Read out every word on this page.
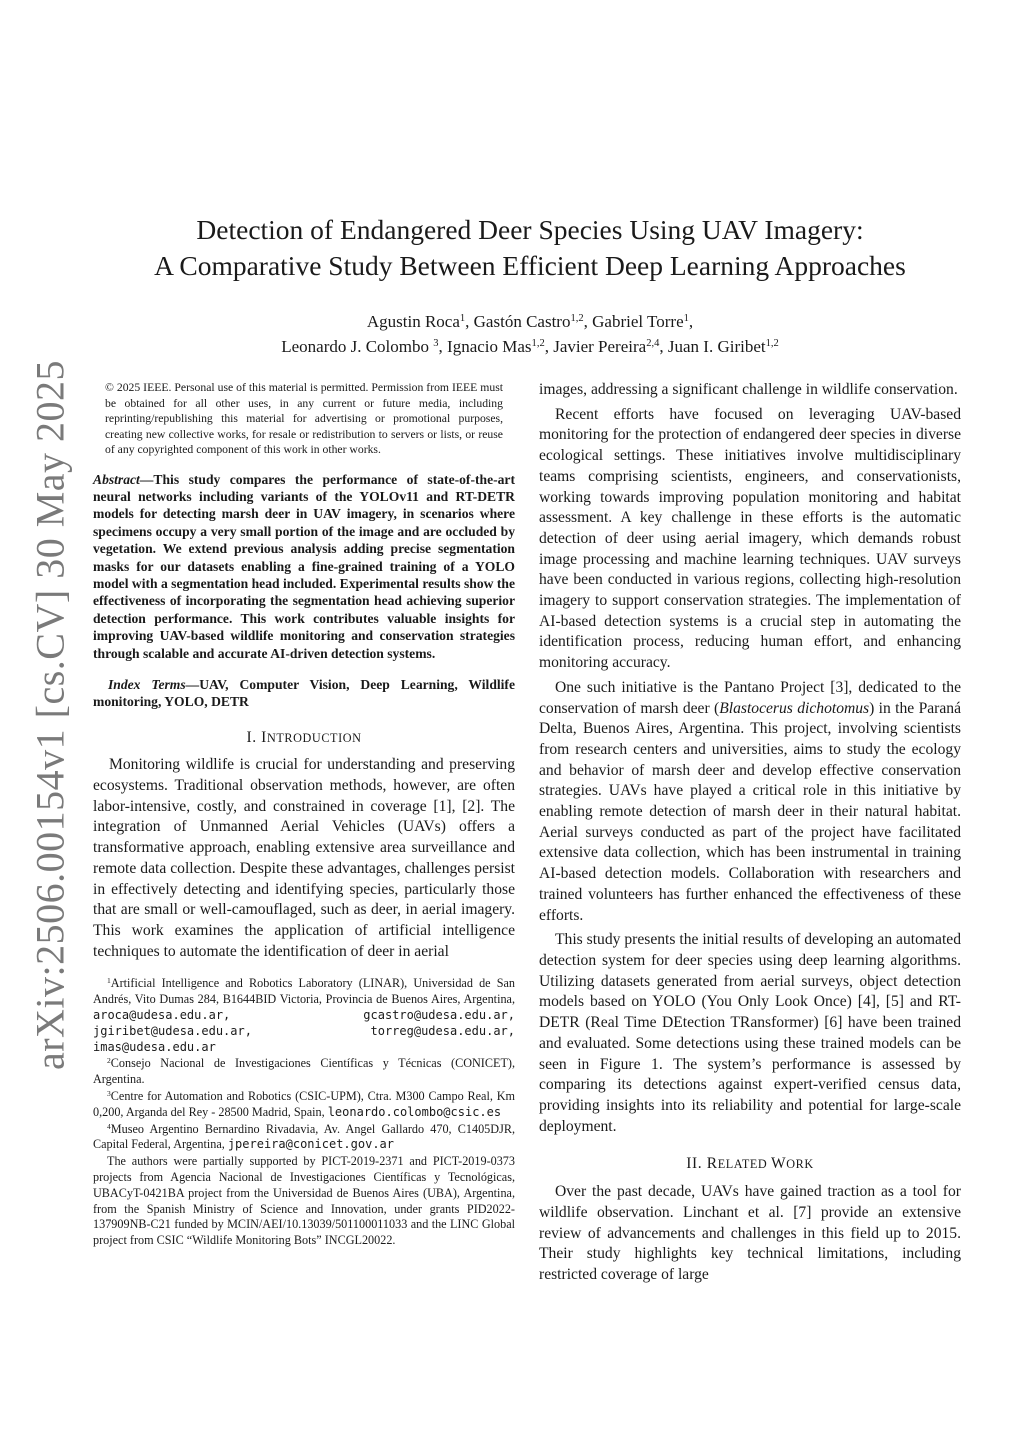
arXiv:2506.00154v1 [cs.CV] 30 May 2025
Detection of Endangered Deer Species Using UAV Imagery:
A Comparative Study Between Efficient Deep Learning Approaches
Agustin Roca$^1$, Gastón Castro$^{1,2}$, Gabriel Torre$^1$,
Leonardo J. Colombo $^3$, Ignacio Mas$^{1,2}$, Javier Pereira$^{2,4}$, Juan I. Giribet$^{1,2}$

© 2025 IEEE. Personal use of this material is permitted. Permission from IEEE must be obtained for all other uses, in any current or future media, including reprinting/republishing this material for advertising or promotional purposes, creating new collective works, for resale or redistribution to servers or lists, or reuse of any copyrighted component of this work in other works.

Abstract—This study compares the performance of state-of-the-art neural networks including variants of the YOLOv11 and RT-DETR models for detecting marsh deer in UAV imagery, in scenarios where specimens occupy a very small portion of the image and are occluded by vegetation. We extend previous analysis adding precise segmentation masks for our datasets enabling a fine-grained training of a YOLO model with a segmentation head included. Experimental results show the effectiveness of incorporating the segmentation head achieving superior detection performance. This work contributes valuable insights for improving UAV-based wildlife monitoring and conservation strategies through scalable and accurate AI-driven detection systems.

Index Terms—UAV, Computer Vision, Deep Learning, Wildlife monitoring, YOLO, DETR

I. INTRODUCTION

Monitoring wildlife is crucial for understanding and preserving ecosystems. Traditional observation methods, however, are often labor-intensive, costly, and constrained in coverage [1], [2]. The integration of Unmanned Aerial Vehicles (UAVs) offers a transformative approach, enabling extensive area surveillance and remote data collection. Despite these advantages, challenges persist in effectively detecting and identifying species, particularly those that are small or well-camouflaged, such as deer, in aerial imagery. This work examines the application of artificial intelligence techniques to automate the identification of deer in aerial

$^1$Artificial Intelligence and Robotics Laboratory (LINAR), Universidad de San Andrés, Vito Dumas 284, B1644BID Victoria, Provincia de Buenos Aires, Argentina, aroca@udesa.edu.ar, gcastro@udesa.edu.ar, jgiribet@udesa.edu.ar, torreg@udesa.edu.ar, imas@udesa.edu.ar

$^2$Consejo Nacional de Investigaciones Científicas y Técnicas (CONICET), Argentina.

$^3$Centre for Automation and Robotics (CSIC-UPM), Ctra. M300 Campo Real, Km 0,200, Arganda del Rey - 28500 Madrid, Spain, leonardo.colombo@csic.es

$^4$Museo Argentino Bernardino Rivadavia, Av. Angel Gallardo 470, C1405DJR, Capital Federal, Argentina, jpereira@conicet.gov.ar

The authors were partially supported by PICT-2019-2371 and PICT-2019-0373 projects from Agencia Nacional de Investigaciones Científicas y Tecnológicas, UBACyT-0421BA project from the Universidad de Buenos Aires (UBA), Argentina, from the Spanish Ministry of Science and Innovation, under grants PID2022-137909NB-C21 funded by MCIN/AEI/10.13039/501100011033 and the LINC Global project from CSIC “Wildlife Monitoring Bots” INCGL20022.

images, addressing a significant challenge in wildlife conservation.

Recent efforts have focused on leveraging UAV-based monitoring for the protection of endangered deer species in diverse ecological settings. These initiatives involve multidisciplinary teams comprising scientists, engineers, and conservationists, working towards improving population monitoring and habitat assessment. A key challenge in these efforts is the automatic detection of deer using aerial imagery, which demands robust image processing and machine learning techniques. UAV surveys have been conducted in various regions, collecting high-resolution imagery to support conservation strategies. The implementation of AI-based detection systems is a crucial step in automating the identification process, reducing human effort, and enhancing monitoring accuracy.

One such initiative is the Pantano Project [3], dedicated to the conservation of marsh deer (Blastocerus dichotomus) in the Paraná Delta, Buenos Aires, Argentina. This project, involving scientists from research centers and universities, aims to study the ecology and behavior of marsh deer and develop effective conservation strategies. UAVs have played a critical role in this initiative by enabling remote detection of marsh deer in their natural habitat. Aerial surveys conducted as part of the project have facilitated extensive data collection, which has been instrumental in training AI-based detection models. Collaboration with researchers and trained volunteers has further enhanced the effectiveness of these efforts.

This study presents the initial results of developing an automated detection system for deer species using deep learning algorithms. Utilizing datasets generated from aerial surveys, object detection models based on YOLO (You Only Look Once) [4], [5] and RT-DETR (Real Time DEtection TRansformer) [6] have been trained and evaluated. Some detections using these trained models can be seen in Figure 1. The system’s performance is assessed by comparing its detections against expert-verified census data, providing insights into its reliability and potential for large-scale deployment.

II. RELATED WORK

Over the past decade, UAVs have gained traction as a tool for wildlife observation. Linchant et al. [7] provide an extensive review of advancements and challenges in this field up to 2015. Their study highlights key technical limitations, including restricted coverage of large
